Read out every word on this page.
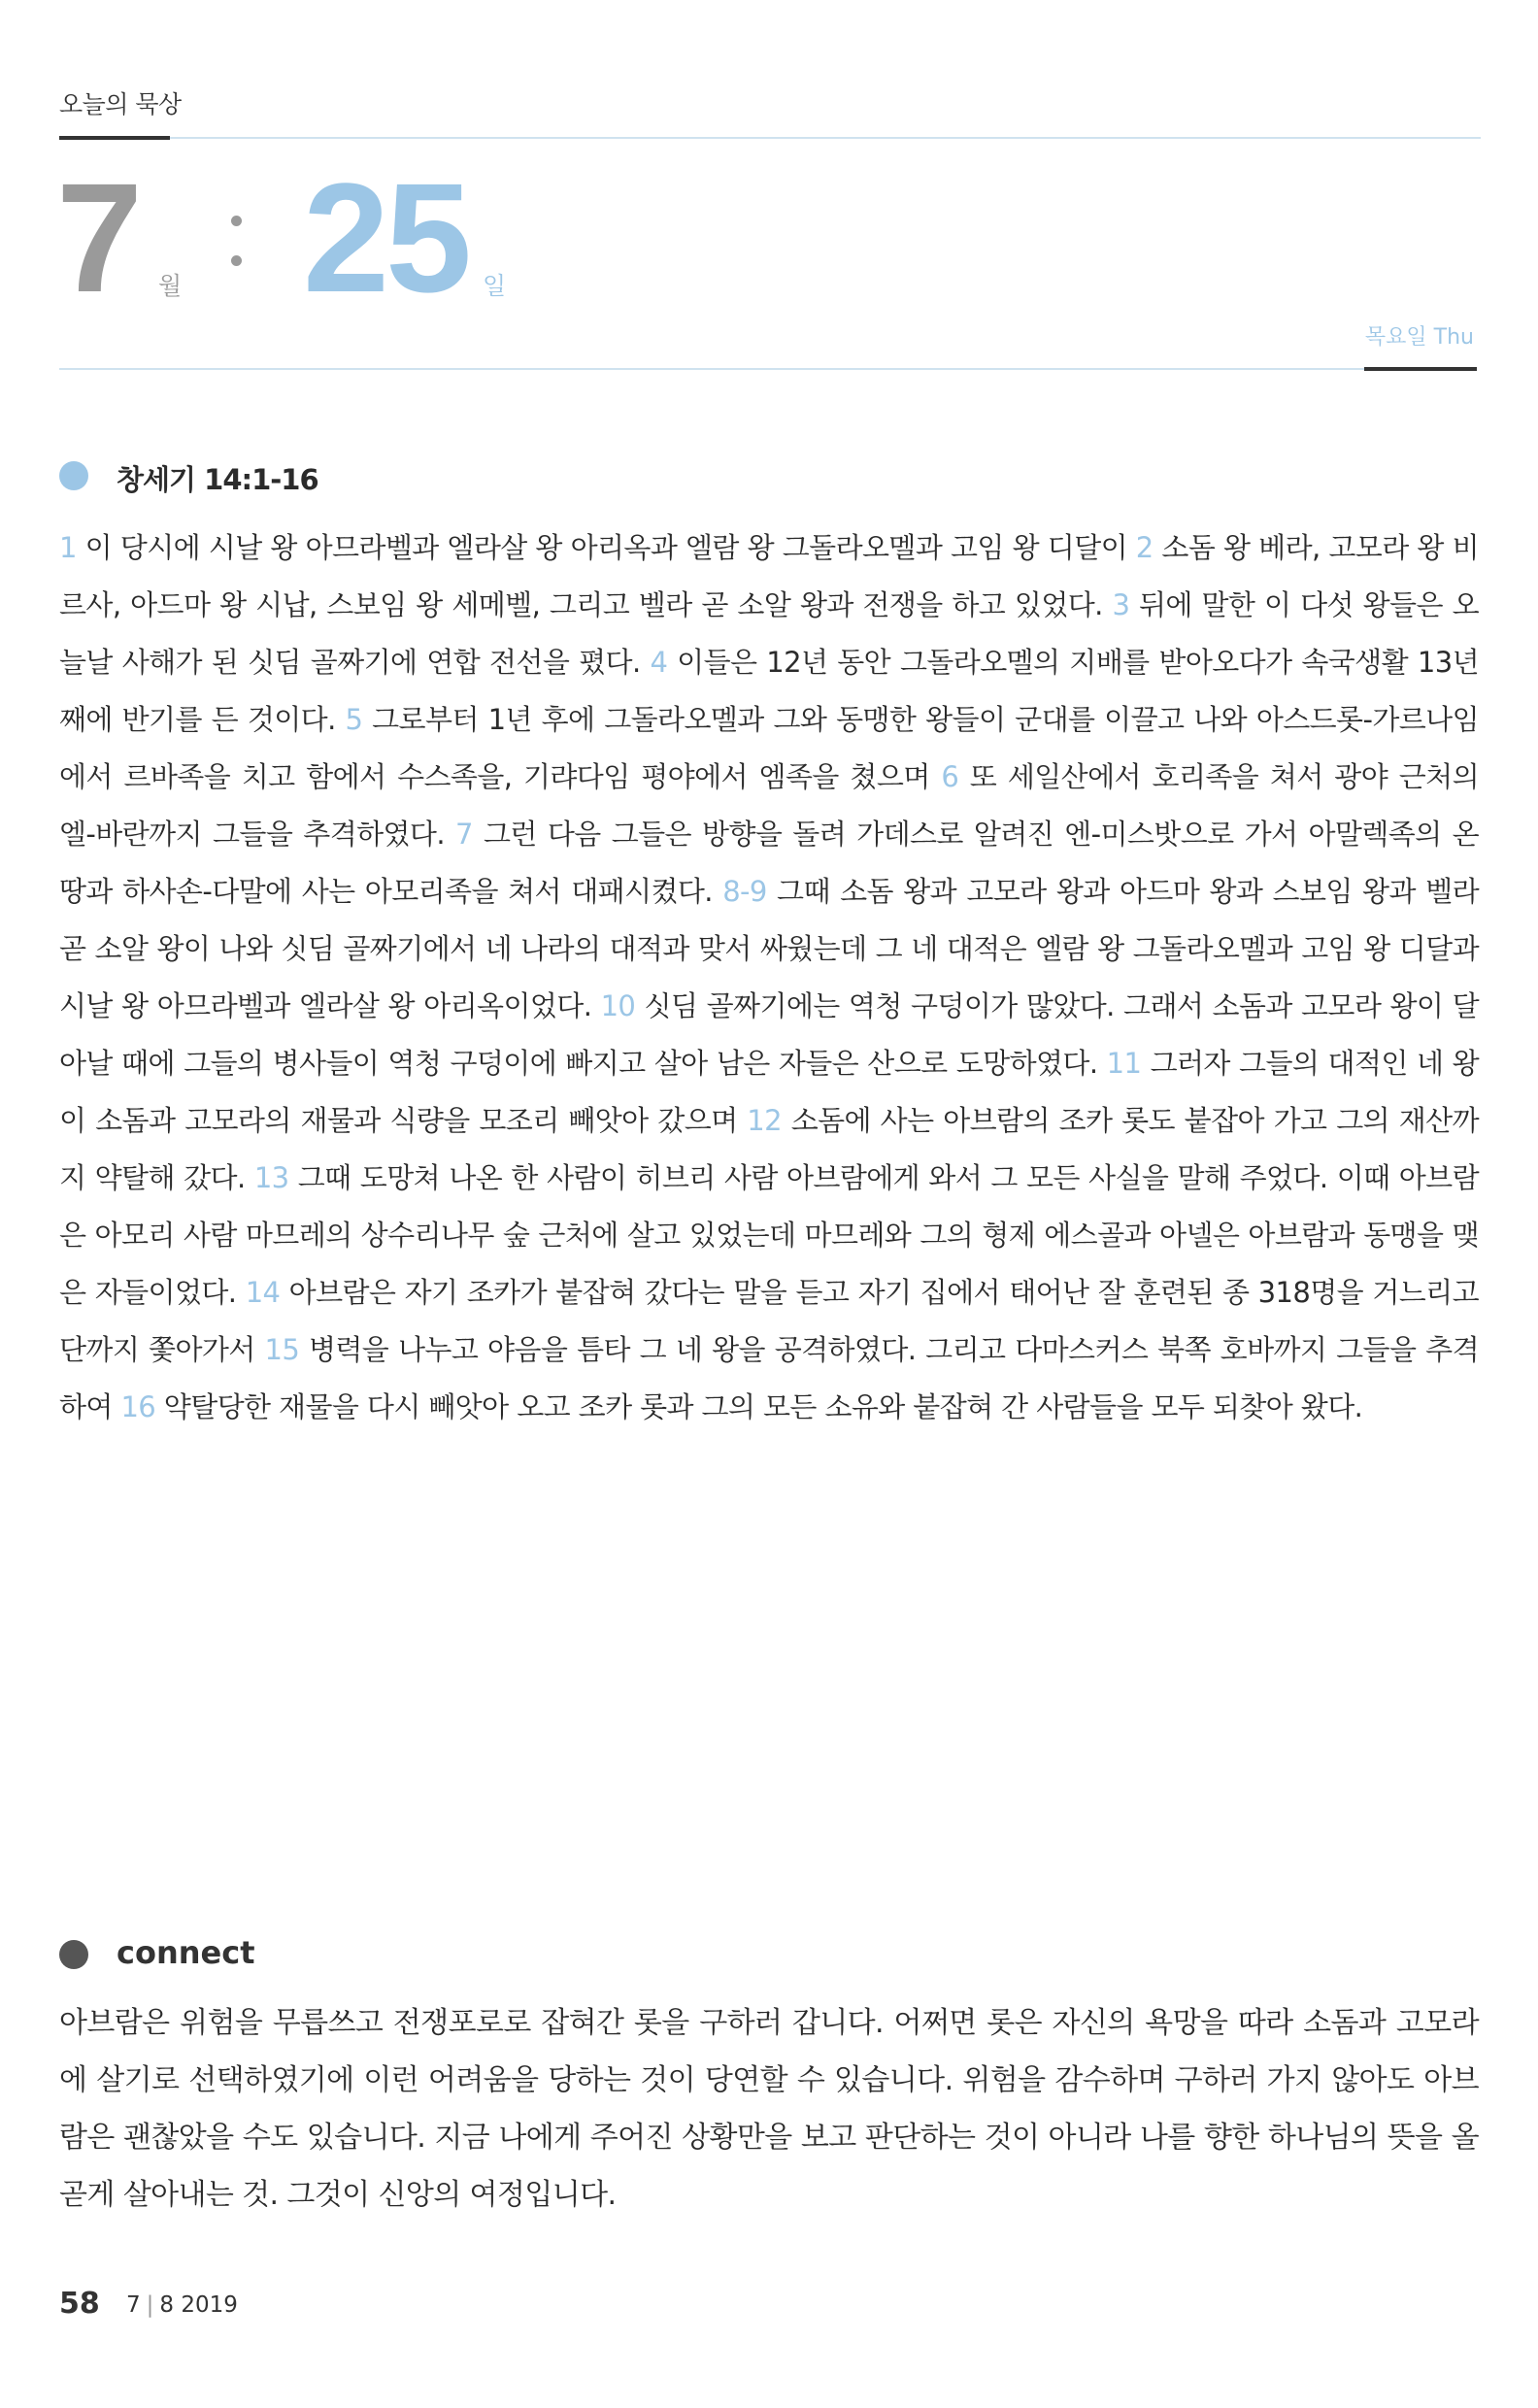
오늘의 묵상
7 월 25 일
목요일 Thu
창세기 14:1-16

1 이 당시에 시날 왕 아므라벨과 엘라살 왕 아리옥과 엘람 왕 그돌라오멜과 고임 왕 디달이 2 소돔 왕 베라, 고모라 왕 비르사, 아드마 왕 시납, 스보임 왕 세메벨, 그리고 벨라 곧 소알 왕과 전쟁을 하고 있었다. 3 뒤에 말한 이 다섯 왕들은 오늘날 사해가 된 싯딤 골짜기에 연합 전선을 폈다. 4 이들은 12년 동안 그돌라오멜의 지배를 받아오다가 속국생활 13년째에 반기를 든 것이다. 5 그로부터 1년 후에 그돌라오멜과 그와 동맹한 왕들이 군대를 이끌고 나와 아스드롯-가르나임에서 르바족을 치고 함에서 수스족을, 기랴다임 평야에서 엠족을 쳤으며 6 또 세일산에서 호리족을 쳐서 광야 근처의 엘-바란까지 그들을 추격하였다. 7 그런 다음 그들은 방향을 돌려 가데스로 알려진 엔-미스밧으로 가서 아말렉족의 온 땅과 하사손-다말에 사는 아모리족을 쳐서 대패시켰다. 8-9 그때 소돔 왕과 고모라 왕과 아드마 왕과 스보임 왕과 벨라 곧 소알 왕이 나와 싯딤 골짜기에서 네 나라의 대적과 맞서 싸웠는데 그 네 대적은 엘람 왕 그돌라오멜과 고임 왕 디달과 시날 왕 아므라벨과 엘라살 왕 아리옥이었다. 10 싯딤 골짜기에는 역청 구덩이가 많았다. 그래서 소돔과 고모라 왕이 달아날 때에 그들의 병사들이 역청 구덩이에 빠지고 살아 남은 자들은 산으로 도망하였다. 11 그러자 그들의 대적인 네 왕이 소돔과 고모라의 재물과 식량을 모조리 빼앗아 갔으며 12 소돔에 사는 아브람의 조카 롯도 붙잡아 가고 그의 재산까지 약탈해 갔다. 13 그때 도망쳐 나온 한 사람이 히브리 사람 아브람에게 와서 그 모든 사실을 말해 주었다. 이때 아브람은 아모리 사람 마므레의 상수리나무 숲 근처에 살고 있었는데 마므레와 그의 형제 에스골과 아넬은 아브람과 동맹을 맺은 자들이었다. 14 아브람은 자기 조카가 붙잡혀 갔다는 말을 듣고 자기 집에서 태어난 잘 훈련된 종 318명을 거느리고 단까지 쫓아가서 15 병력을 나누고 야음을 틈타 그 네 왕을 공격하였다. 그리고 다마스커스 북쪽 호바까지 그들을 추격하여 16 약탈당한 재물을 다시 빼앗아 오고 조카 롯과 그의 모든 소유와 붙잡혀 간 사람들을 모두 되찾아 왔다.

connect

아브람은 위험을 무릅쓰고 전쟁포로로 잡혀간 롯을 구하러 갑니다. 어쩌면 롯은 자신의 욕망을 따라 소돔과 고모라에 살기로 선택하였기에 이런 어려움을 당하는 것이 당연할 수 있습니다. 위험을 감수하며 구하러 가지 않아도 아브람은 괜찮았을 수도 있습니다. 지금 나에게 주어진 상황만을 보고 판단하는 것이 아니라 나를 향한 하나님의 뜻을 올곧게 살아내는 것. 그것이 신앙의 여정입니다.

58 7 | 8 2019
